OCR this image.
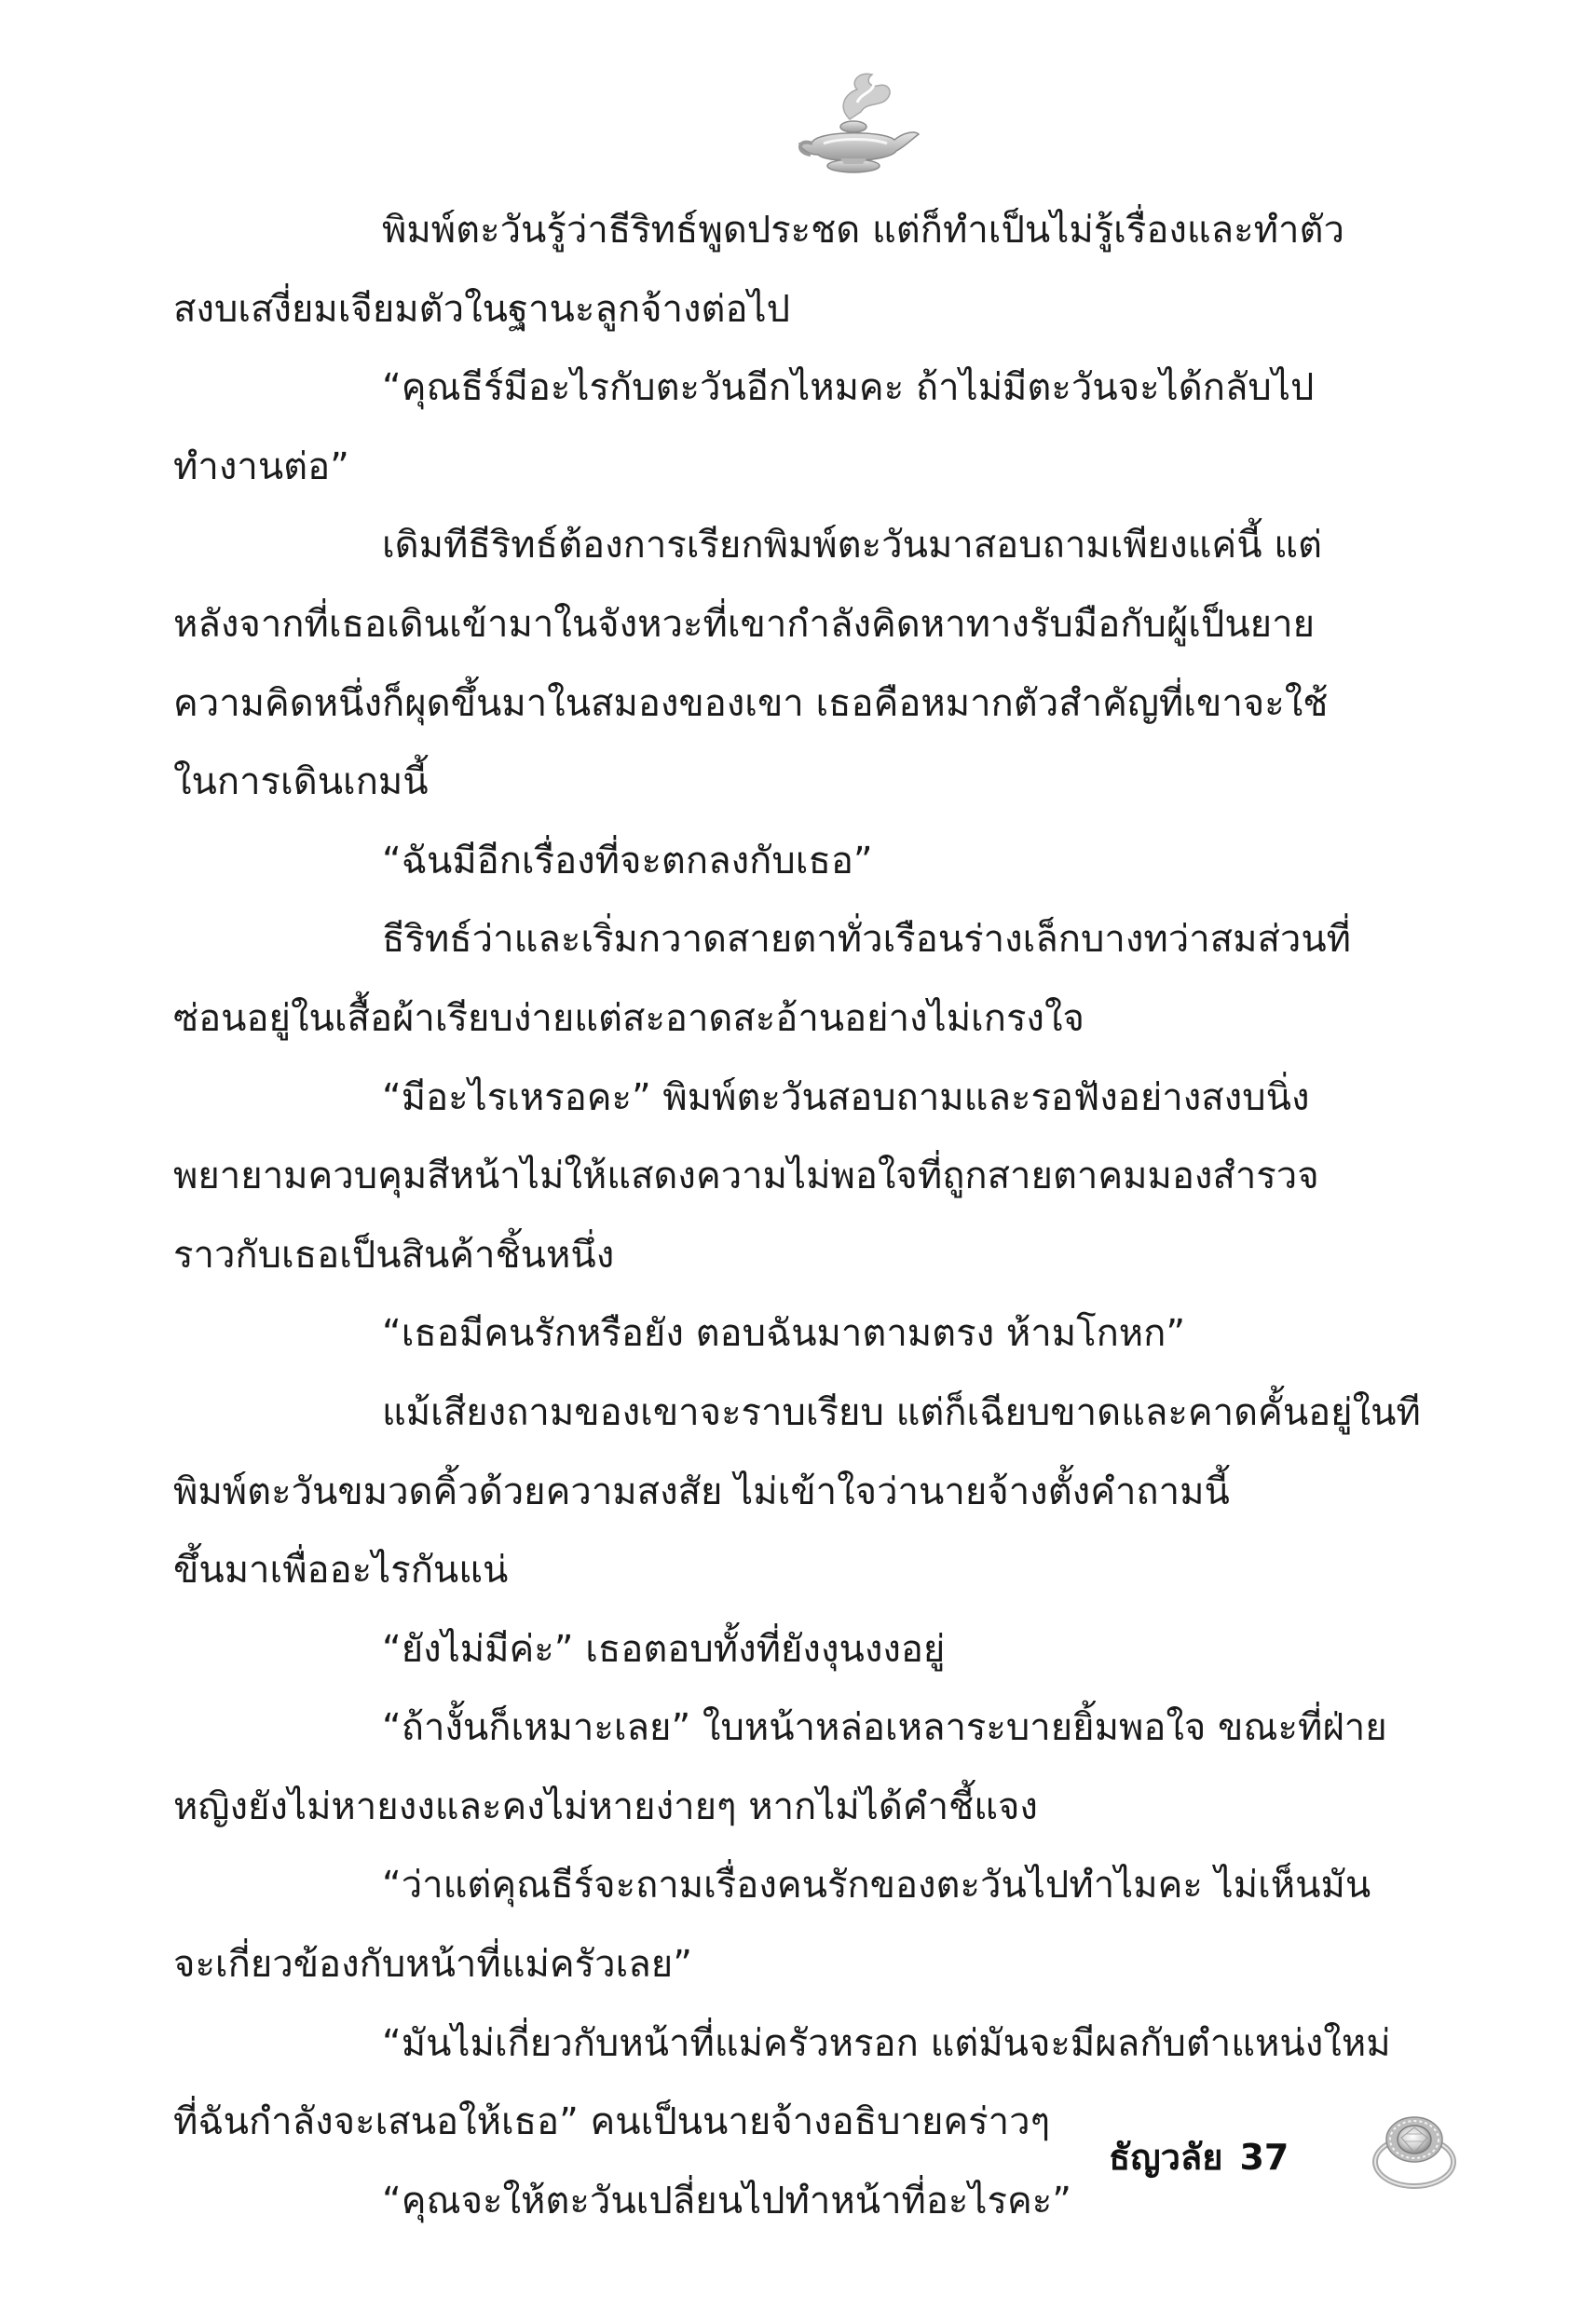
พิมพ์ตะวันรู้ว่าธีริทธ์พูดประชด แต่ก็ทำเป็นไม่รู้เรื่องและทำตัว
สงบเสงี่ยมเจียมตัวในฐานะลูกจ้างต่อไป

“คุณธีร์มีอะไรกับตะวันอีกไหมคะ ถ้าไม่มีตะวันจะได้กลับไป
ทำงานต่อ”

เดิมทีธีริทธ์ต้องการเรียกพิมพ์ตะวันมาสอบถามเพียงแค่นี้ แต่
หลังจากที่เธอเดินเข้ามาในจังหวะที่เขากำลังคิดหาทางรับมือกับผู้เป็นยาย
ความคิดหนึ่งก็ผุดขึ้นมาในสมองของเขา เธอคือหมากตัวสำคัญที่เขาจะใช้
ในการเดินเกมนี้

“ฉันมีอีกเรื่องที่จะตกลงกับเธอ”

ธีริทธ์ว่าและเริ่มกวาดสายตาทั่วเรือนร่างเล็กบางทว่าสมส่วนที่
ซ่อนอยู่ในเสื้อผ้าเรียบง่ายแต่สะอาดสะอ้านอย่างไม่เกรงใจ

“มีอะไรเหรอคะ” พิมพ์ตะวันสอบถามและรอฟังอย่างสงบนิ่ง
พยายามควบคุมสีหน้าไม่ให้แสดงความไม่พอใจที่ถูกสายตาคมมองสำรวจ
ราวกับเธอเป็นสินค้าชิ้นหนึ่ง

“เธอมีคนรักหรือยัง ตอบฉันมาตามตรง ห้ามโกหก”

แม้เสียงถามของเขาจะราบเรียบ แต่ก็เฉียบขาดและคาดคั้นอยู่ในที
พิมพ์ตะวันขมวดคิ้วด้วยความสงสัย ไม่เข้าใจว่านายจ้างตั้งคำถามนี้
ขึ้นมาเพื่ออะไรกันแน่

“ยังไม่มีค่ะ” เธอตอบทั้งที่ยังงุนงงอยู่

“ถ้างั้นก็เหมาะเลย” ใบหน้าหล่อเหลาระบายยิ้มพอใจ ขณะที่ฝ่าย
หญิงยังไม่หายงงและคงไม่หายง่ายๆ หากไม่ได้คำชี้แจง

“ว่าแต่คุณธีร์จะถามเรื่องคนรักของตะวันไปทำไมคะ ไม่เห็นมัน
จะเกี่ยวข้องกับหน้าที่แม่ครัวเลย”

“มันไม่เกี่ยวกับหน้าที่แม่ครัวหรอก แต่มันจะมีผลกับตำแหน่งใหม่
ที่ฉันกำลังจะเสนอให้เธอ” คนเป็นนายจ้างอธิบายคร่าวๆ

“คุณจะให้ตะวันเปลี่ยนไปทำหน้าที่อะไรคะ”

ธัญวลัย 37
